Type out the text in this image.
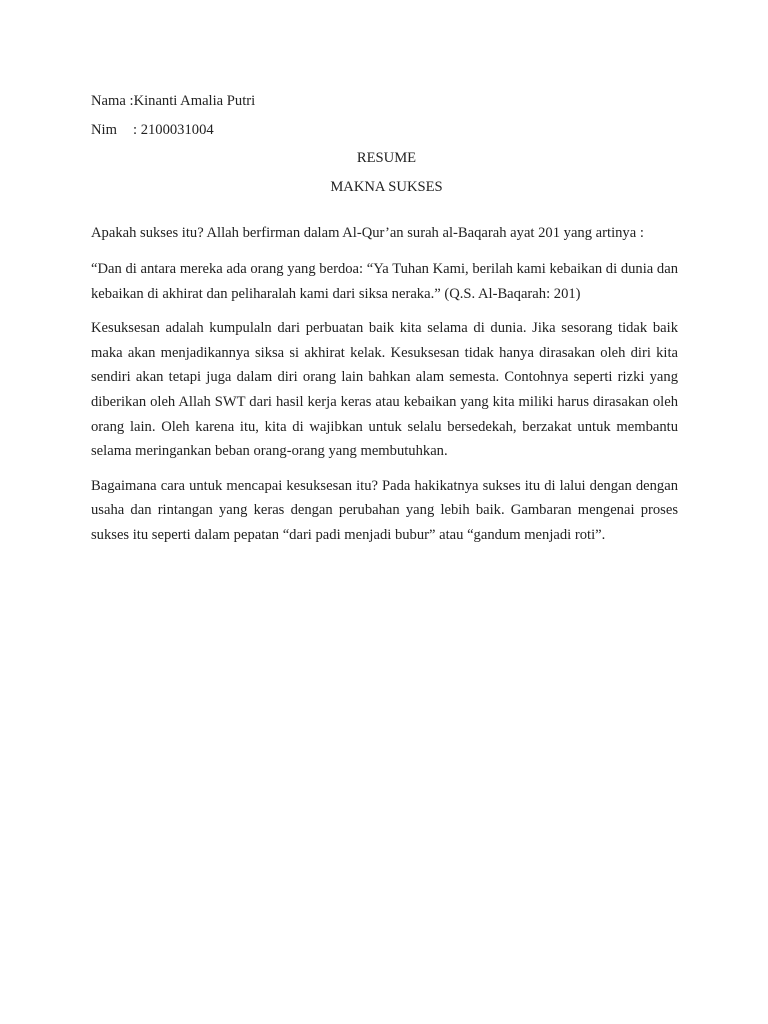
Nama :Kinanti Amalia Putri

Nim : 2100031004

RESUME

MAKNA SUKSES

Apakah sukses itu? Allah berfirman dalam Al-Qur’an surah al-Baqarah ayat 201 yang artinya :

“Dan di antara mereka ada orang yang berdoa: “Ya Tuhan Kami, berilah kami kebaikan di dunia dan kebaikan di akhirat dan peliharalah kami dari siksa neraka.” (Q.S. Al-Baqarah: 201)

Kesuksesan adalah kumpulaln dari perbuatan baik kita selama di dunia. Jika sesorang tidak baik maka akan menjadikannya siksa si akhirat kelak. Kesuksesan tidak hanya dirasakan oleh diri kita sendiri akan tetapi juga dalam diri orang lain bahkan alam semesta. Contohnya seperti rizki yang diberikan oleh Allah SWT dari hasil kerja keras atau kebaikan yang kita miliki harus dirasakan oleh orang lain. Oleh karena itu, kita di wajibkan untuk selalu bersedekah, berzakat untuk membantu selama meringankan beban orang-orang yang membutuhkan.

Bagaimana cara untuk mencapai kesuksesan itu? Pada hakikatnya sukses itu di lalui dengan dengan usaha dan rintangan yang keras dengan perubahan yang lebih baik. Gambaran mengenai proses sukses itu seperti dalam pepatan “dari padi menjadi bubur” atau “gandum menjadi roti”.
